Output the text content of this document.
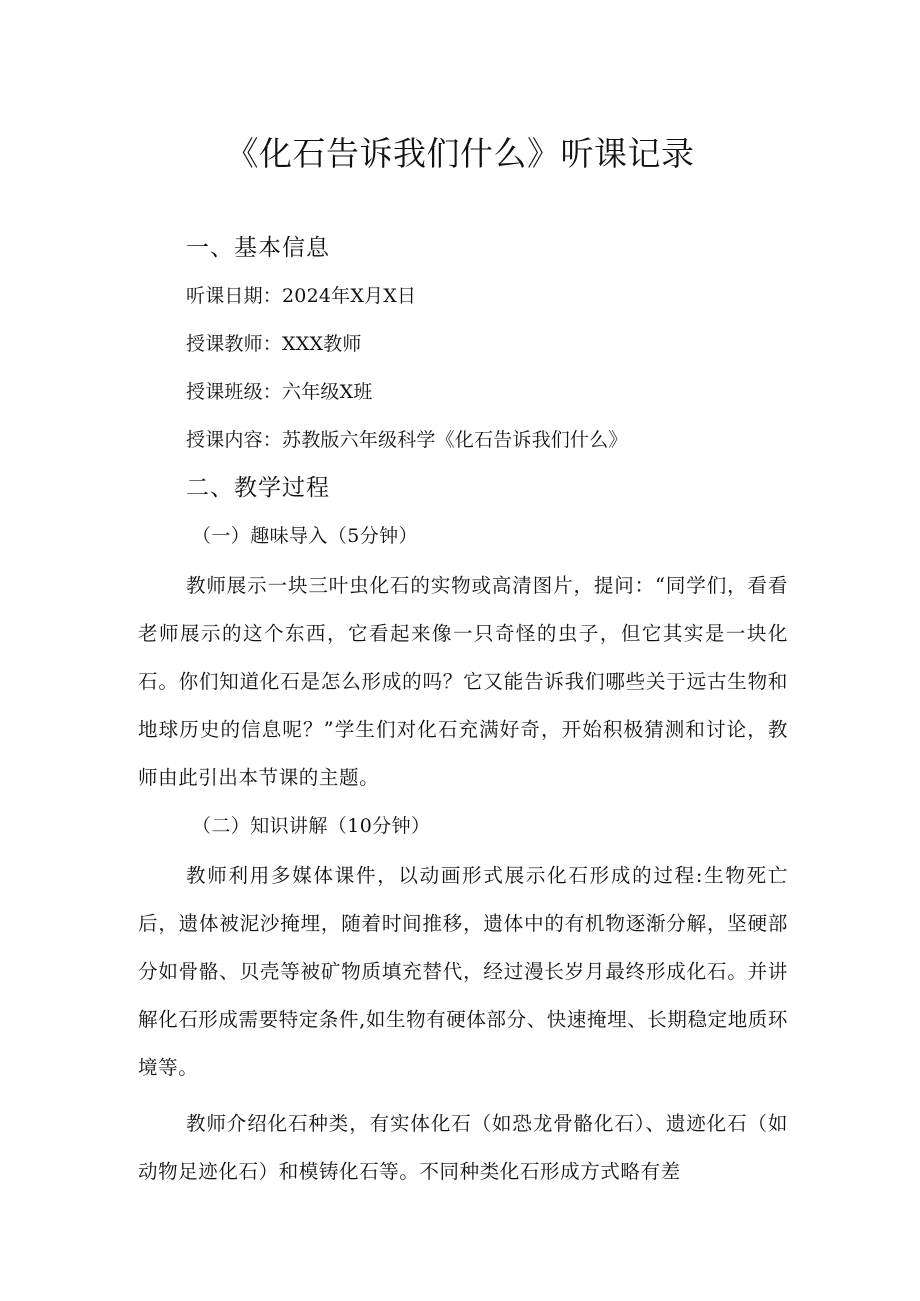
《化石告诉我们什么》听课记录
一、基本信息
听课日期：2024年X月X日
授课教师：XXX教师
授课班级：六年级X班
授课内容：苏教版六年级科学《化石告诉我们什么》
二、教学过程
（一）趣味导入（5分钟）

教师展示一块三叶虫化石的实物或高清图片，提问：“同学们，看看老师展示的这个东西，它看起来像一只奇怪的虫子，但它其实是一块化石。你们知道化石是怎么形成的吗？它又能告诉我们哪些关于远古生物和地球历史的信息呢？”学生们对化石充满好奇，开始积极猜测和讨论，教师由此引出本节课的主题。

（二）知识讲解（10分钟）

教师利用多媒体课件，以动画形式展示化石形成的过程:生物死亡后，遗体被泥沙掩埋，随着时间推移，遗体中的有机物逐渐分解，坚硬部分如骨骼、贝壳等被矿物质填充替代，经过漫长岁月最终形成化石。并讲解化石形成需要特定条件,如生物有硬体部分、快速掩埋、长期稳定地质环境等。

教师介绍化石种类，有实体化石（如恐龙骨骼化石）、遗迹化石（如动物足迹化石）和模铸化石等。不同种类化石形成方式略有差
